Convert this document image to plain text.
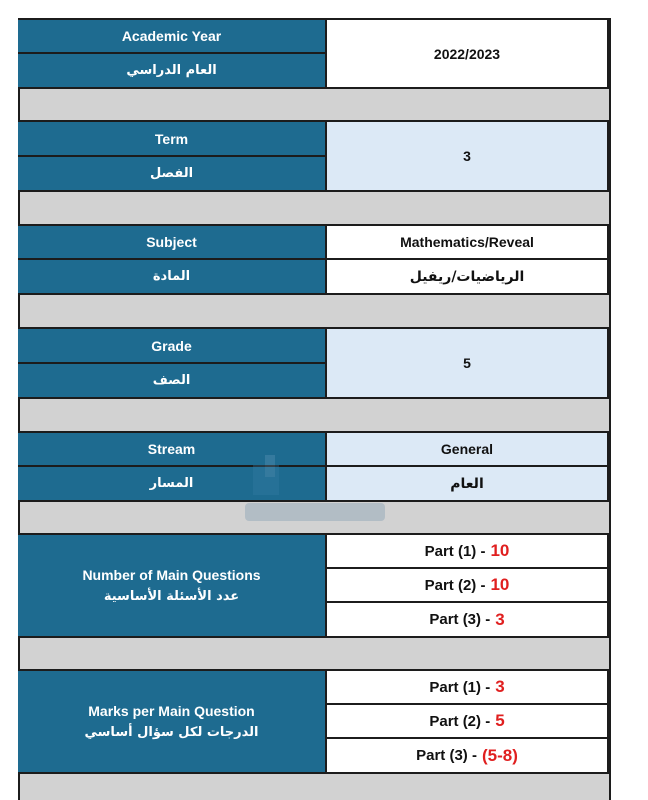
Academic Year
العام الدراسي
2022/2023
Term
الفصل
3
Subject
المادة
Mathematics/Reveal
الرياضيات/ريفيل
Grade
الصف
5
Stream
المسار
General
العام
Number of Main Questions
عدد الأسئلة الأساسية
Part (1) - 10
Part (2) - 10
Part (3) - 3
Marks per Main Question
الدرجات لكل سؤال أساسي
Part (1) - 3
Part (2) - 5
Part (3) - (5-8)
